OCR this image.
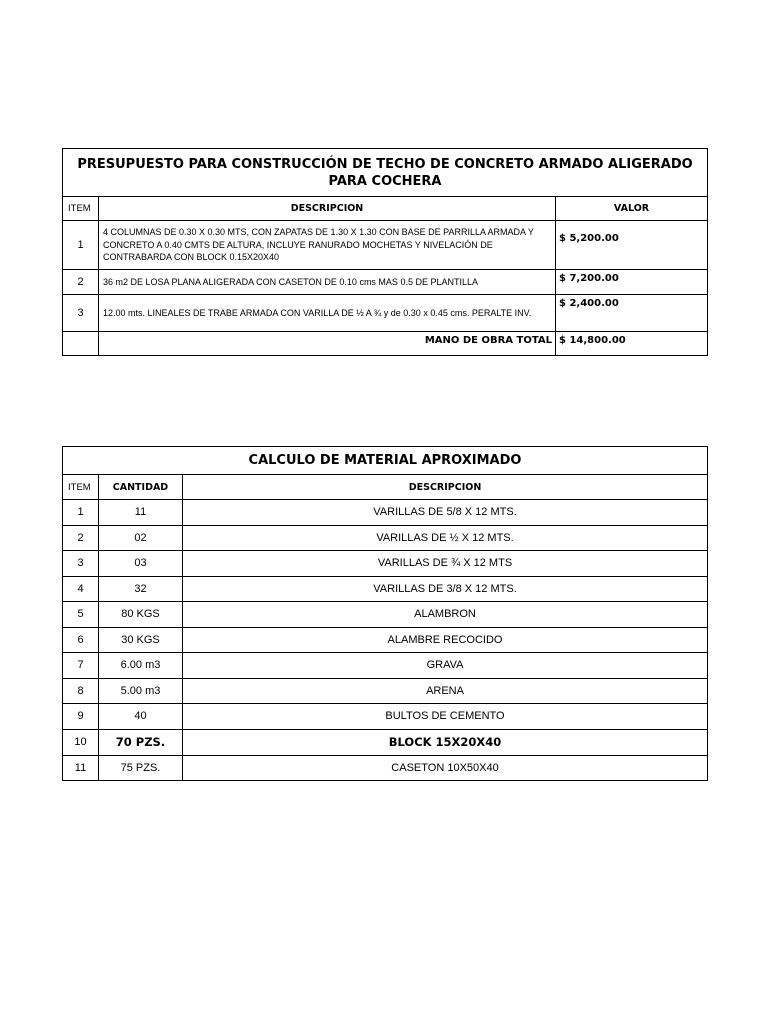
PRESUPUESTO PARA CONSTRUCCIÓN DE TECHO DE CONCRETO ARMADO ALIGERADO PARA COCHERA		
ITEM	DESCRIPCION	VALOR
1	4 COLUMNAS DE 0.30 X 0.30 MTS, CON ZAPATAS DE 1.30 X 1.30 CON BASE DE PARRILLA ARMADA Y CONCRETO A 0.40 CMTS DE ALTURA, INCLUYE RANURADO MOCHETAS Y NIVELACIÓN DE CONTRABARDA CON BLOCK 0.15X20X40	$ 5,200.00
2	36 m2 DE LOSA PLANA ALIGERADA CON CASETON DE 0.10 cms MAS 0.5 DE PLANTILLA	$ 7,200.00
3	12.00 mts. LINEALES DE TRABE ARMADA CON VARILLA DE ½ A ¾ y de 0.30 x 0.45 cms. PERALTE INV.	$ 2,400.00
	MANO DE OBRA TOTAL	$ 14,800.00
CALCULO DE MATERIAL APROXIMADO		
ITEM	CANTIDAD	DESCRIPCION
1	11	VARILLAS DE 5/8 X 12 MTS.
2	02	VARILLAS DE ½ X 12 MTS.
3	03	VARILLAS DE ¾ X 12 MTS
4	32	VARILLAS DE 3/8 X 12 MTS.
5	80 KGS	ALAMBRON
6	30 KGS	ALAMBRE RECOCIDO
7	6.00 m3	GRAVA
8	5.00 m3	ARENA
9	40	BULTOS DE CEMENTO
10	70 PZS.	BLOCK 15X20X40
11	75 PZS.	CASETON 10X50X40
